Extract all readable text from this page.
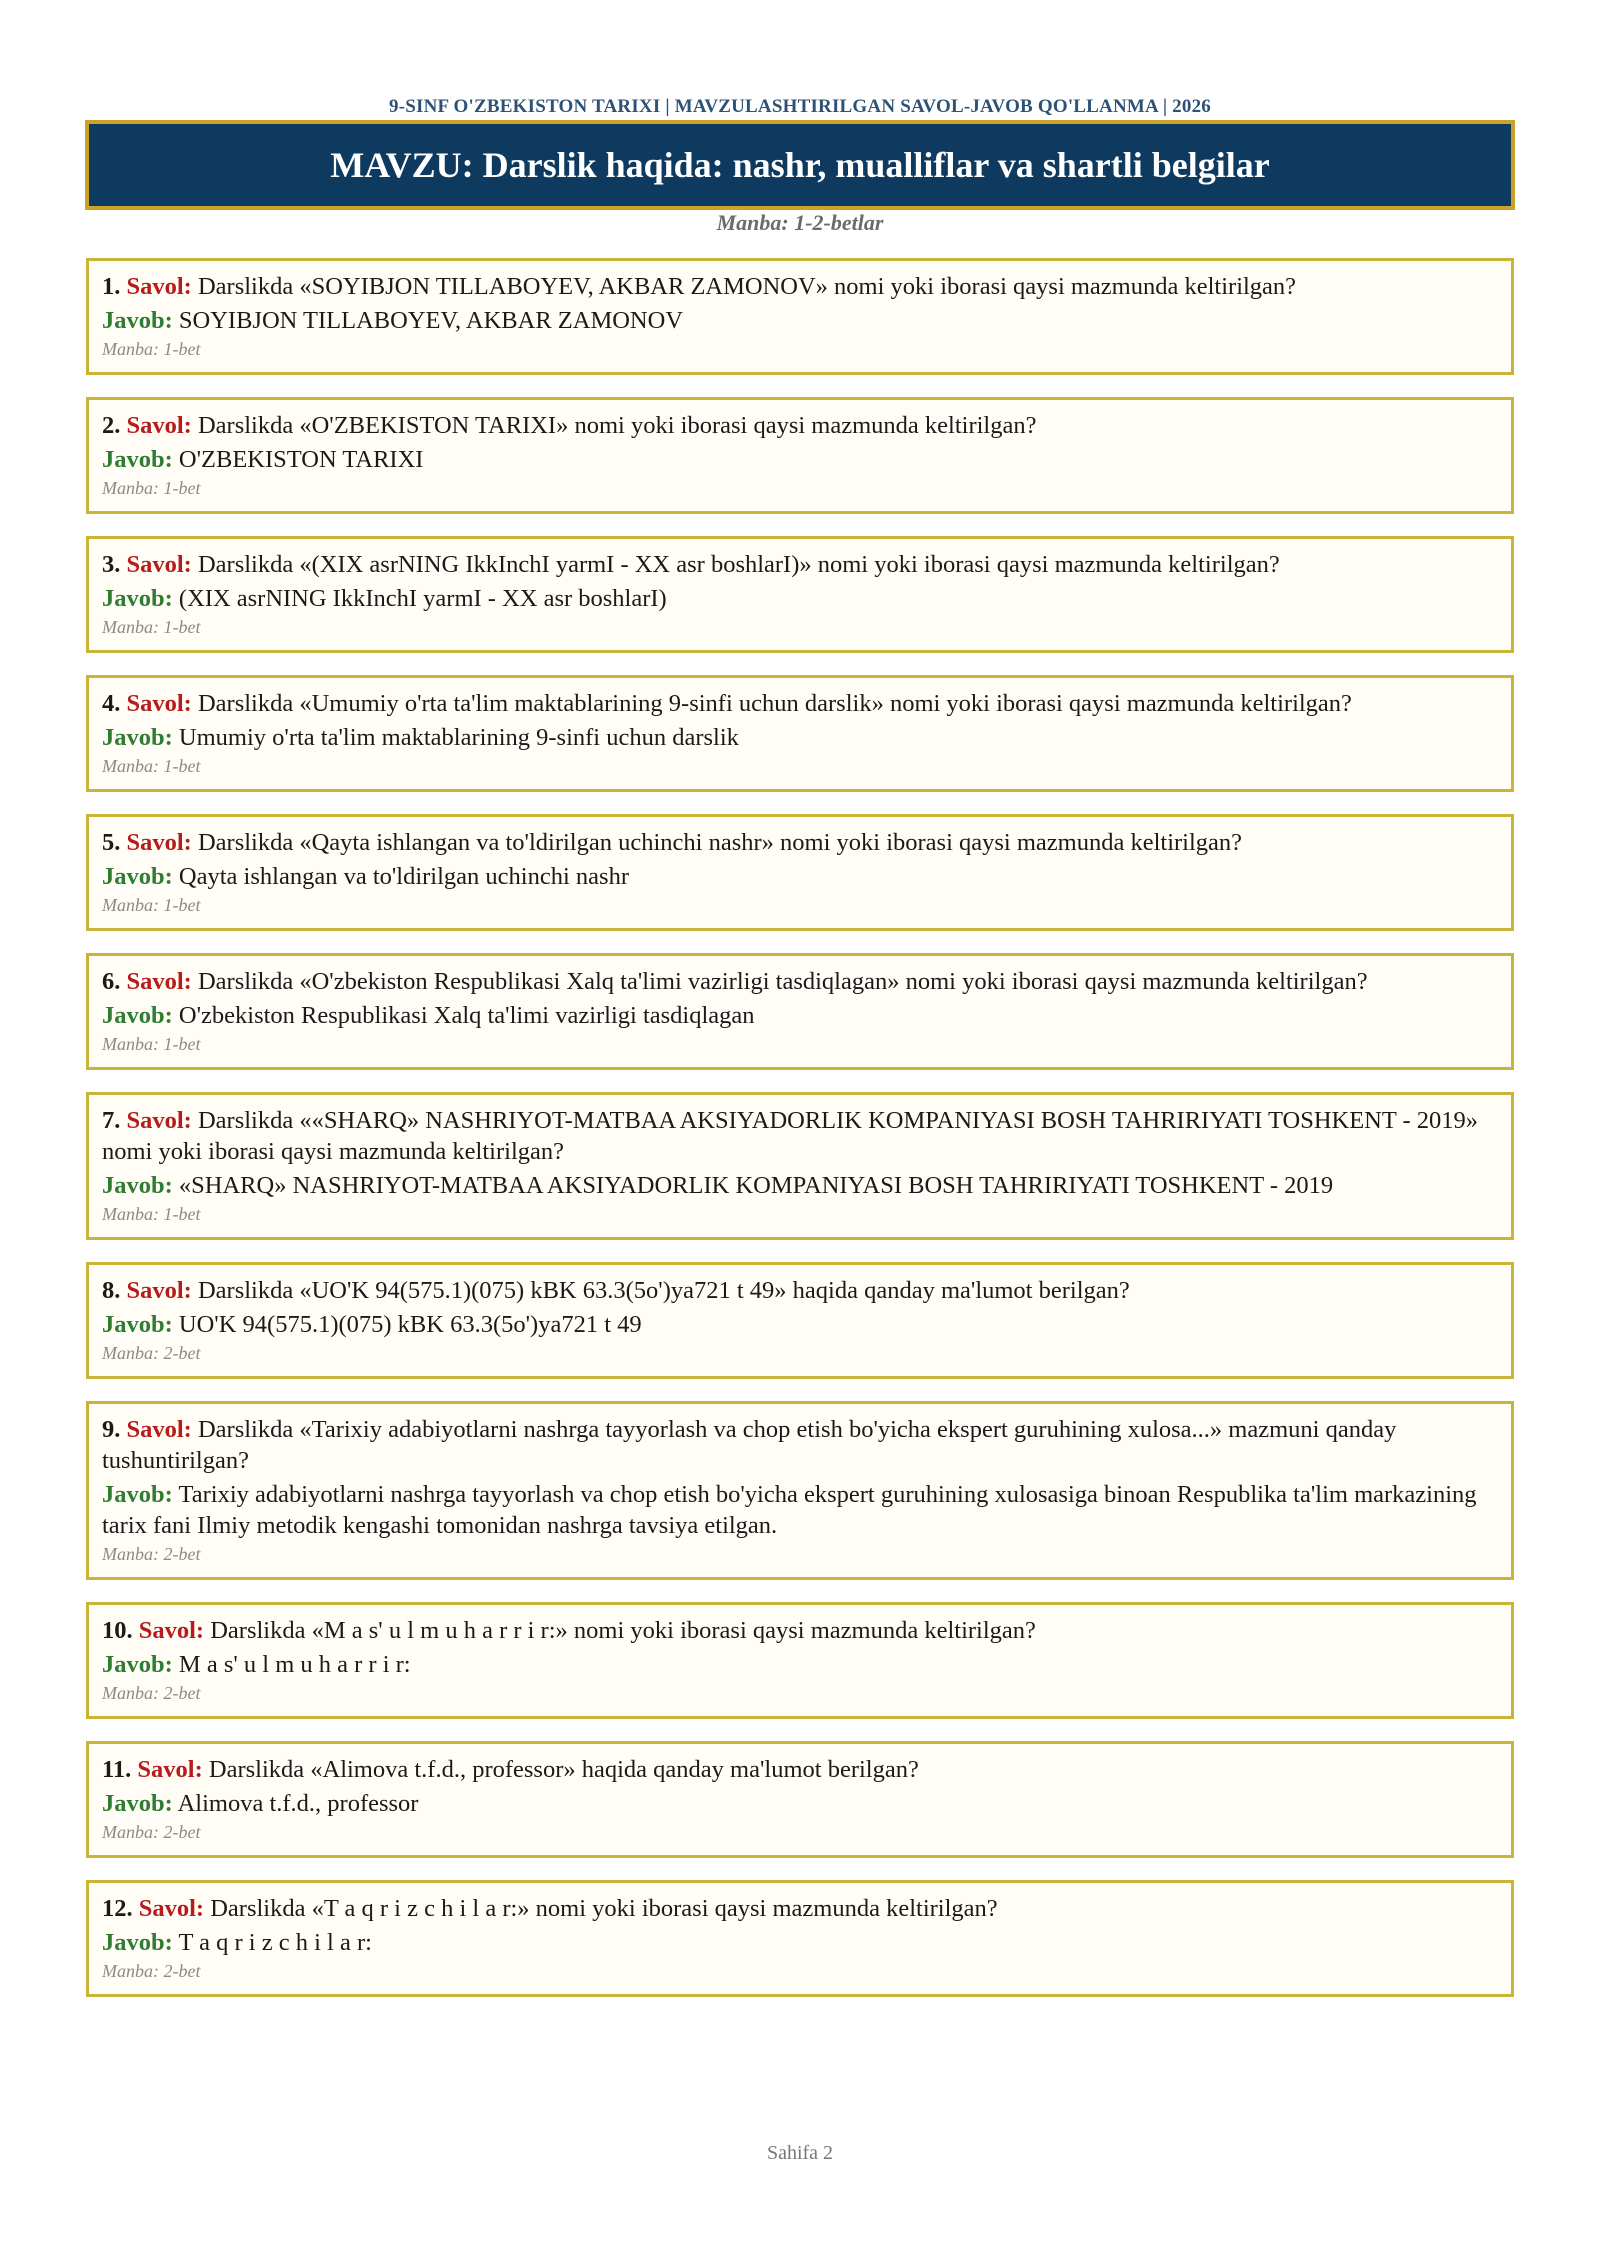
9-SINF O'ZBEKISTON TARIXI | MAVZULASHTIRILGAN SAVOL-JAVOB QO'LLANMA | 2026
MAVZU: Darslik haqida: nashr, mualliflar va shartli belgilar
Manba: 1-2-betlar
1. Savol: Darslikda «SOYIBJON TILLABOYEV, AKBAR ZAMONOV» nomi yoki iborasi qaysi mazmunda keltirilgan?
Javob: SOYIBJON TILLABOYEV, AKBAR ZAMONOV
Manba: 1-bet
2. Savol: Darslikda «O'ZBEKISTON TARIXI» nomi yoki iborasi qaysi mazmunda keltirilgan?
Javob: O'ZBEKISTON TARIXI
Manba: 1-bet
3. Savol: Darslikda «(XIX asrNING IkkInchI yarmI - XX asr boshlarI)» nomi yoki iborasi qaysi mazmunda keltirilgan?
Javob: (XIX asrNING IkkInchI yarmI - XX asr boshlarI)
Manba: 1-bet
4. Savol: Darslikda «Umumiy o'rta ta'lim maktablarining 9-sinfi uchun darslik» nomi yoki iborasi qaysi mazmunda keltirilgan?
Javob: Umumiy o'rta ta'lim maktablarining 9-sinfi uchun darslik
Manba: 1-bet
5. Savol: Darslikda «Qayta ishlangan va to'ldirilgan uchinchi nashr» nomi yoki iborasi qaysi mazmunda keltirilgan?
Javob: Qayta ishlangan va to'ldirilgan uchinchi nashr
Manba: 1-bet
6. Savol: Darslikda «O'zbekiston Respublikasi Xalq ta'limi vazirligi tasdiqlagan» nomi yoki iborasi qaysi mazmunda keltirilgan?
Javob: O'zbekiston Respublikasi Xalq ta'limi vazirligi tasdiqlagan
Manba: 1-bet
7. Savol: Darslikda ««SHARQ» NASHRIYOT-MATBAA AKSIYADORLIK KOMPANIYASI BOSH TAHRIRIYATI TOSHKENT - 2019» nomi yoki iborasi qaysi mazmunda keltirilgan?
Javob: «SHARQ» NASHRIYOT-MATBAA AKSIYADORLIK KOMPANIYASI BOSH TAHRIRIYATI TOSHKENT - 2019
Manba: 1-bet
8. Savol: Darslikda «UO'K 94(575.1)(075) kBK 63.3(5o')ya721 t 49» haqida qanday ma'lumot berilgan?
Javob: UO'K 94(575.1)(075) kBK 63.3(5o')ya721 t 49
Manba: 2-bet
9. Savol: Darslikda «Tarixiy adabiyotlarni nashrga tayyorlash va chop etish bo'yicha ekspert guruhining xulosa...» mazmuni qanday tushuntirilgan?
Javob: Tarixiy adabiyotlarni nashrga tayyorlash va chop etish bo'yicha ekspert guruhining xulosasiga binoan Respublika ta'lim markazining tarix fani Ilmiy metodik kengashi tomonidan nashrga tavsiya etilgan.
Manba: 2-bet
10. Savol: Darslikda «M a s' u l m u h a r r i r:» nomi yoki iborasi qaysi mazmunda keltirilgan?
Javob: M a s' u l m u h a r r i r:
Manba: 2-bet
11. Savol: Darslikda «Alimova t.f.d., professor» haqida qanday ma'lumot berilgan?
Javob: Alimova t.f.d., professor
Manba: 2-bet
12. Savol: Darslikda «T a q r i z c h i l a r:» nomi yoki iborasi qaysi mazmunda keltirilgan?
Javob: T a q r i z c h i l a r:
Manba: 2-bet
Sahifa 2
